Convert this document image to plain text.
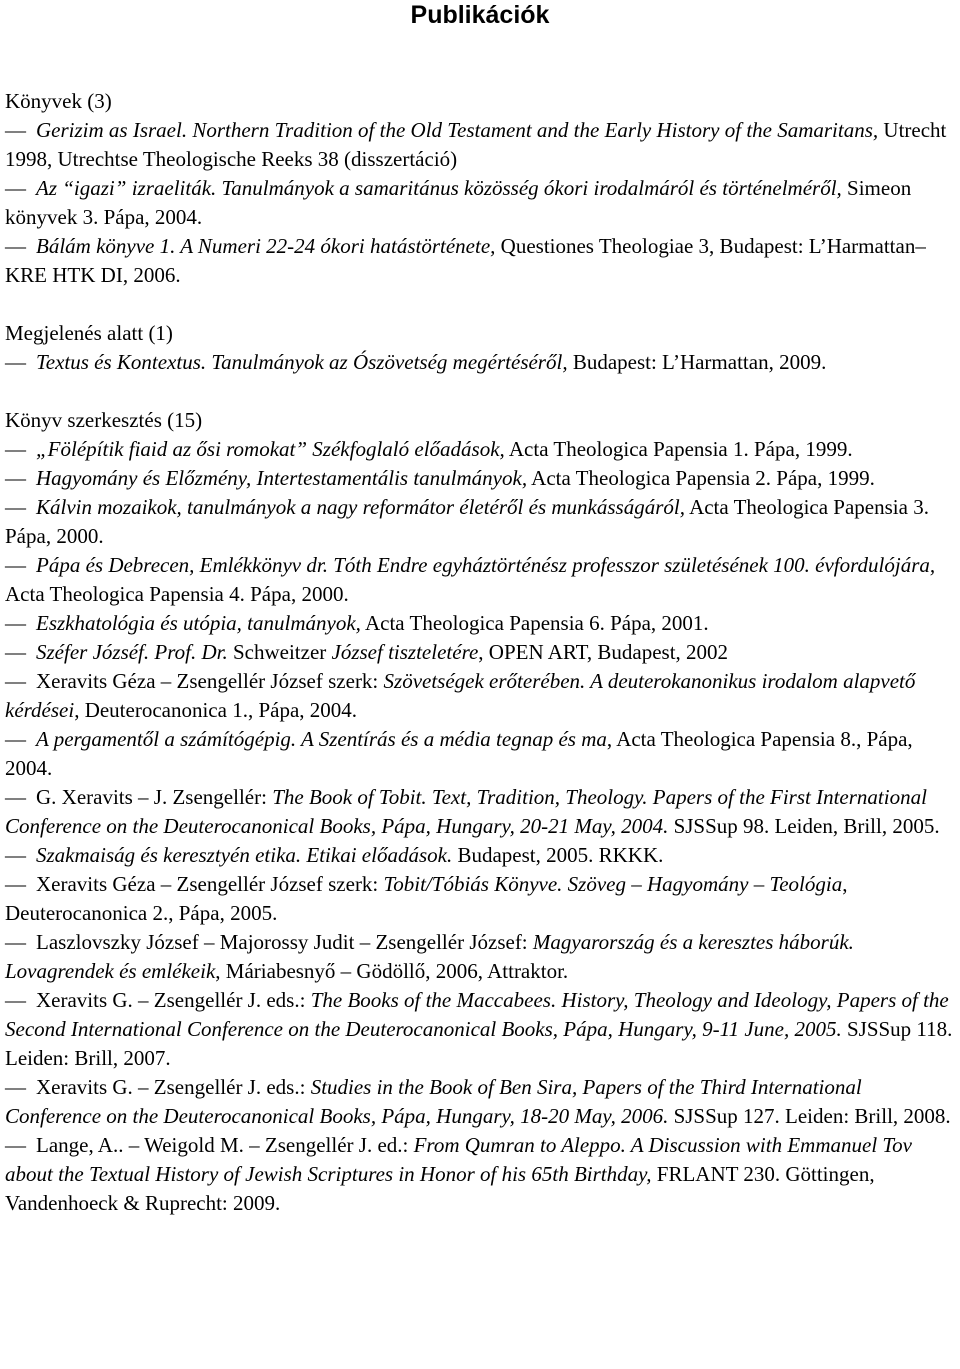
Publikációk
Könyvek (3)
— Gerizim as Israel. Northern Tradition of the Old Testament and the Early History of the Samaritans, Utrecht 1998, Utrechtse Theologische Reeks 38 (disszertáció)
— Az “igazi” izraeliták. Tanulmányok a samaritánus közösség ókori irodalmáról és történelméről, Simeon könyvek 3. Pápa, 2004.
— Bálám könyve 1. A Numeri 22-24 ókori hatástörténete, Questiones Theologiae 3, Budapest: L’Harmattan–KRE HTK DI, 2006.
Megjelenés alatt (1)
— Textus és Kontextus. Tanulmányok az Ószövetség megértéséről, Budapest: L’Harmattan, 2009.
Könyv szerkesztés (15)
— „Fölépítik fiaid az ősi romokat” Székfoglaló előadások, Acta Theologica Papensia 1. Pápa, 1999.
— Hagyomány és Előzmény, Intertestamentális tanulmányok, Acta Theologica Papensia 2. Pápa, 1999.
— Kálvin mozaikok, tanulmányok a nagy reformátor életéről és munkásságáról, Acta Theologica Papensia 3. Pápa, 2000.
— Pápa és Debrecen, Emlékkönyv dr. Tóth Endre egyháztörténész professzor születésének 100. évfordulójára, Acta Theologica Papensia 4. Pápa, 2000.
— Eszkhatológia és utópia, tanulmányok, Acta Theologica Papensia 6. Pápa, 2001.
— Széfer Józséf. Prof. Dr. Schweitzer József tiszteletére, OPEN ART, Budapest, 2002
— Xeravits Géza – Zsengellér József szerk: Szövetségek erőterében. A deuterokanonikus irodalom alapvető kérdései, Deuterocanonica 1., Pápa, 2004.
— A pergamentől a számítógépig. A Szentírás és a média tegnap és ma, Acta Theologica Papensia 8., Pápa, 2004.
— G. Xeravits – J. Zsengellér: The Book of Tobit. Text, Tradition, Theology. Papers of the First International Conference on the Deuterocanonical Books, Pápa, Hungary, 20-21 May, 2004. SJSSup 98. Leiden, Brill, 2005.
— Szakmaiság és keresztyén etika. Etikai előadások. Budapest, 2005. RKKK.
— Xeravits Géza – Zsengellér József szerk: Tobit/Tóbiás Könyve. Szöveg – Hagyomány – Teológia, Deuterocanonica 2., Pápa, 2005.
— Laszlovszky József – Majorossy Judit – Zsengellér József: Magyarország és a keresztes háborúk. Lovagrendek és emlékeik, Máriabesnyő – Gödöllő, 2006, Attraktor.
— Xeravits G. – Zsengellér J. eds.: The Books of the Maccabees. History, Theology and Ideology, Papers of the Second International Conference on the Deuterocanonical Books, Pápa, Hungary, 9-11 June, 2005. SJSSup 118. Leiden: Brill, 2007.
— Xeravits G. – Zsengellér J. eds.: Studies in the Book of Ben Sira, Papers of the Third International Conference on the Deuterocanonical Books, Pápa, Hungary, 18-20 May, 2006. SJSSup 127. Leiden: Brill, 2008.
— Lange, A.. – Weigold M. – Zsengellér J. ed.: From Qumran to Aleppo. A Discussion with Emmanuel Tov about the Textual History of Jewish Scriptures in Honor of his 65th Birthday, FRLANT 230. Göttingen, Vandenhoeck & Ruprecht: 2009.
